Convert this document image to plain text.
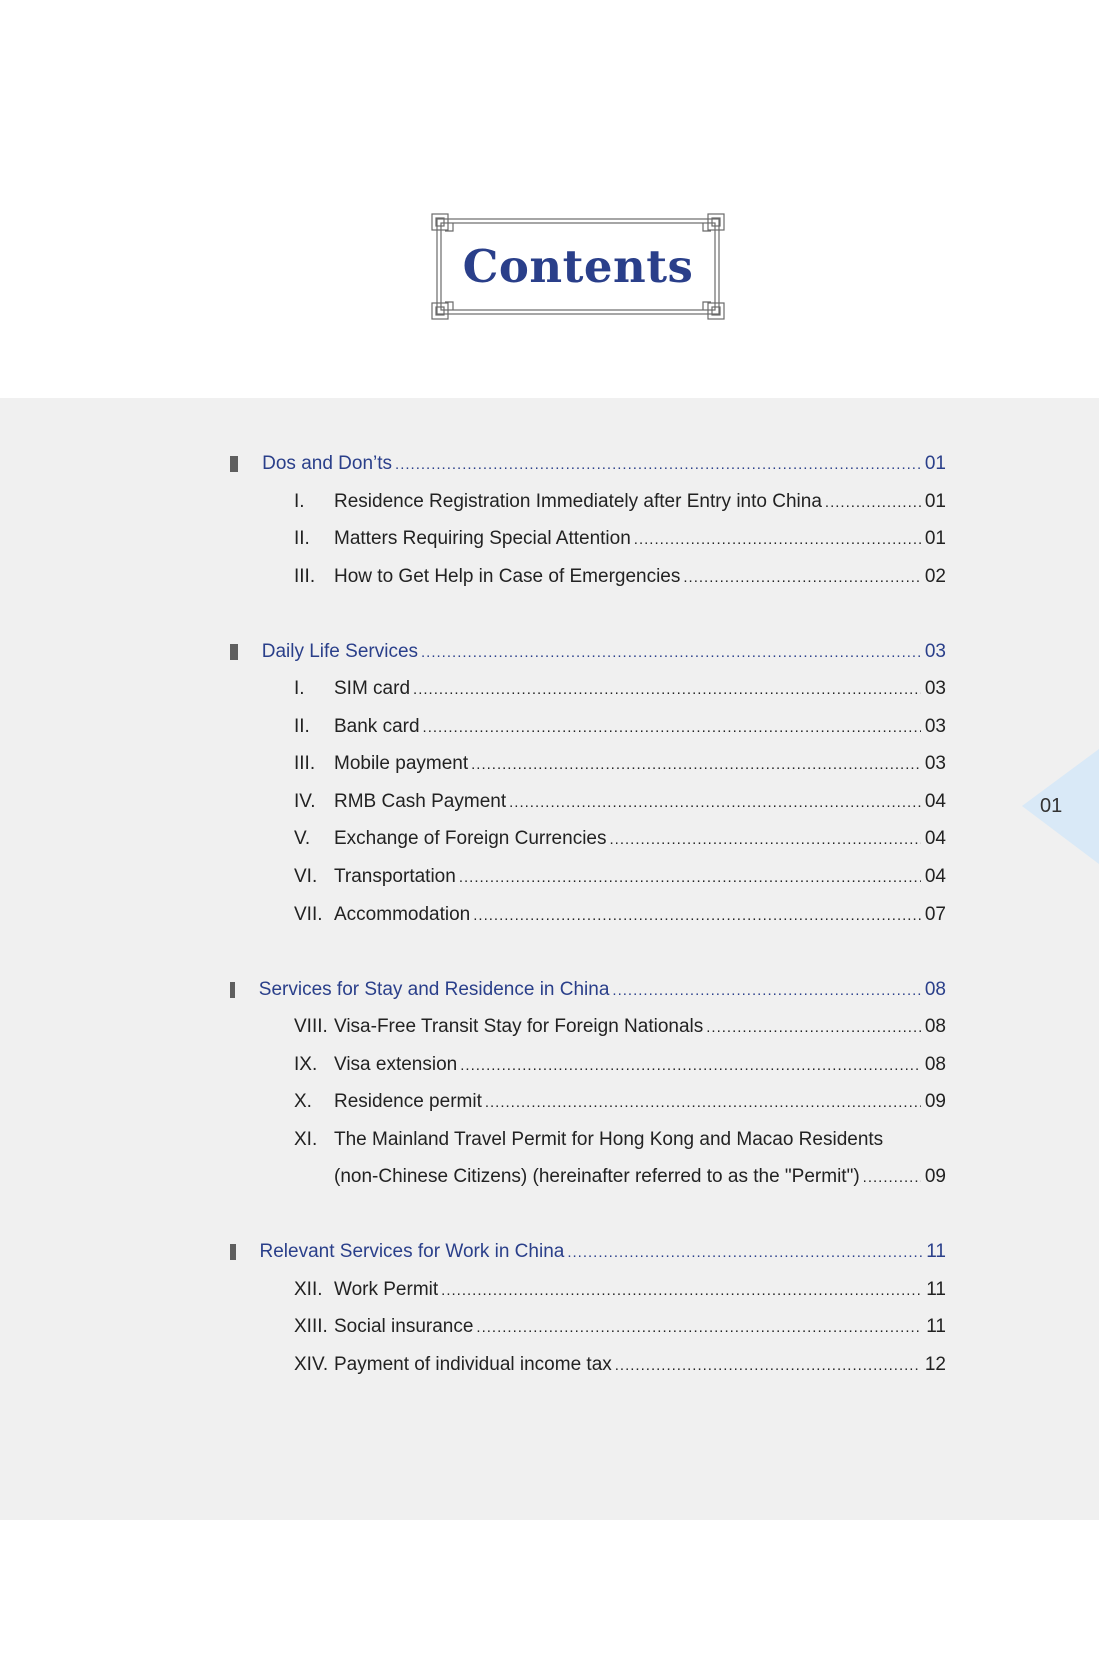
Contents
01
Dos and Don’ts .....	01
I.	Residence Registration Immediately after Entry into China .....	01
II.	Matters Requiring Special Attention .....	01
III. How to Get Help in Case of Emergencies .....	02
Daily Life Services .....	03
I.	SIM card .....	03
II.	Bank card .....	03
III. Mobile payment .....	03
IV. RMB Cash Payment .....	04
V.	Exchange of Foreign Currencies .....	04
VI. Transportation .....	04
VII. Accommodation .....	07
Services for Stay and Residence in China .....	08
VIII. Visa-Free Transit Stay for Foreign Nationals .....	08
IX. Visa extension .....	08
X.	Residence permit .....	09
XI. The Mainland Travel Permit for Hong Kong and Macao Residents
(non-Chinese Citizens) (hereinafter referred to as the "Permit") .....	09
Relevant Services for Work in China .....	11
XII. Work Permit .....	11
XIII. Social insurance .....	11
XIV. Payment of individual income tax .....	12
